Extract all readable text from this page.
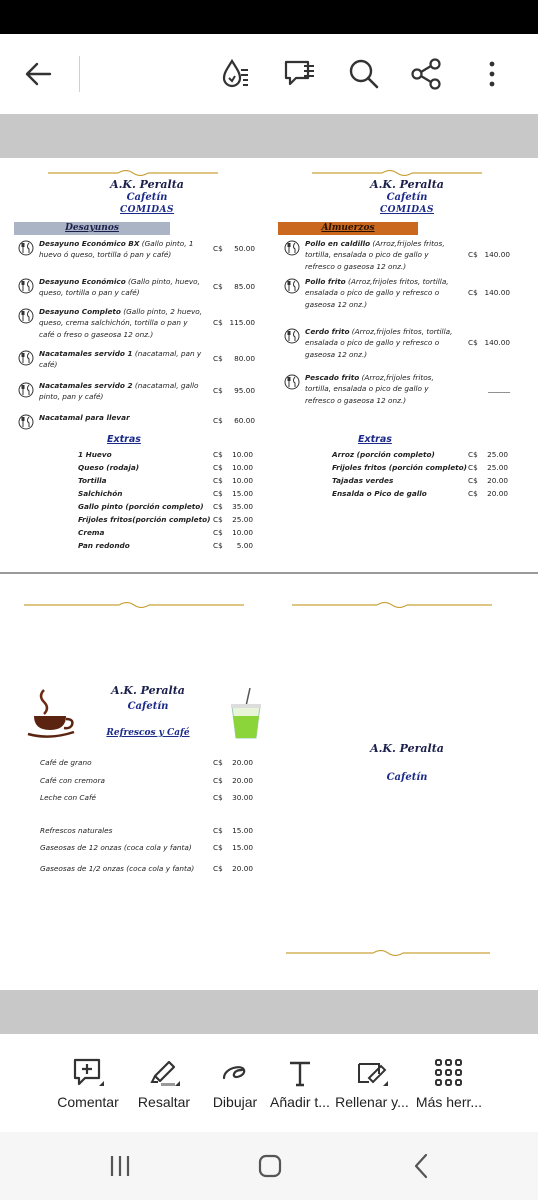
A.K. Peralta
Cafetín
COMIDAS
Desayunos
A.K. Peralta
Cafetín
COMIDAS
Almuerzos
Desayuno Económico BX (Gallo pinto, 1
huevo ó queso, tortilla ó pan y café)
C$	50.00
Desayuno Económico (Gallo pinto, huevo,
queso, tortilla o pan y café)
C$	85.00
Desayuno Completo (Gallo pinto, 2 huevo,
queso, crema salchichón, tortilla o pan y
café o freso o gaseosa 12 onz.)
C$ 115.00
Nacatamales servido 1 (nacatamal, pan y
café)
C$	80.00
Nacatamales servido 2 (nacatamal, gallo
pinto, pan y café)
C$	95.00
Nacatamal para llevar	C$	60.00
Extras
1 Huevo	C$	10.00
Queso (rodaja)	C$	10.00
Tortilla	C$	10.00
Salchichón	C$	15.00
Gallo pinto (porción completo) C$	35.00
Frijoles fritos(porción completo) C$	25.00
Crema	C$	10.00
Pan redondo	C$	5.00
Pollo en caldillo (Arroz,frijoles fritos,
tortilla, ensalada o pico de gallo y
refresco o gaseosa 12 onz.)
C$ 140.00
Pollo frito (Arroz,frijoles fritos, tortilla,
ensalada o pico de gallo y refresco o
gaseosa 12 onz.)
C$ 140.00
Cerdo frito (Arroz,frijoles fritos, tortilla,
ensalada o pico de gallo y refresco o
gaseosa 12 onz.)
C$ 140.00
Pescado frito (Arroz,frijoles fritos,
tortilla, ensalada o pico de gallo y
refresco o gaseosa 12 onz.)
______
Extras
Arroz (porción completo)	C$	25.00
Frijoles fritos (porción completo) C$	25.00
Tajadas verdes	C$	20.00
Ensalda o Pico de gallo	C$	20.00
A.K. Peralta
Cafetín
Refrescos y Café
Café de grano	C$	20.00
Café con cremora	C$	20.00
Leche con Café	C$	30.00
Refrescos naturales	C$	15.00
Gaseosas de 12 onzas (coca cola y fanta)	C$	15.00
Gaseosas de 1/2 onzas (coca cola y fanta)	C$	20.00
A.K. Peralta
Cafetín
Comentar	Resaltar	Dibujar Añadir t... Rellenar y... Más herr...
